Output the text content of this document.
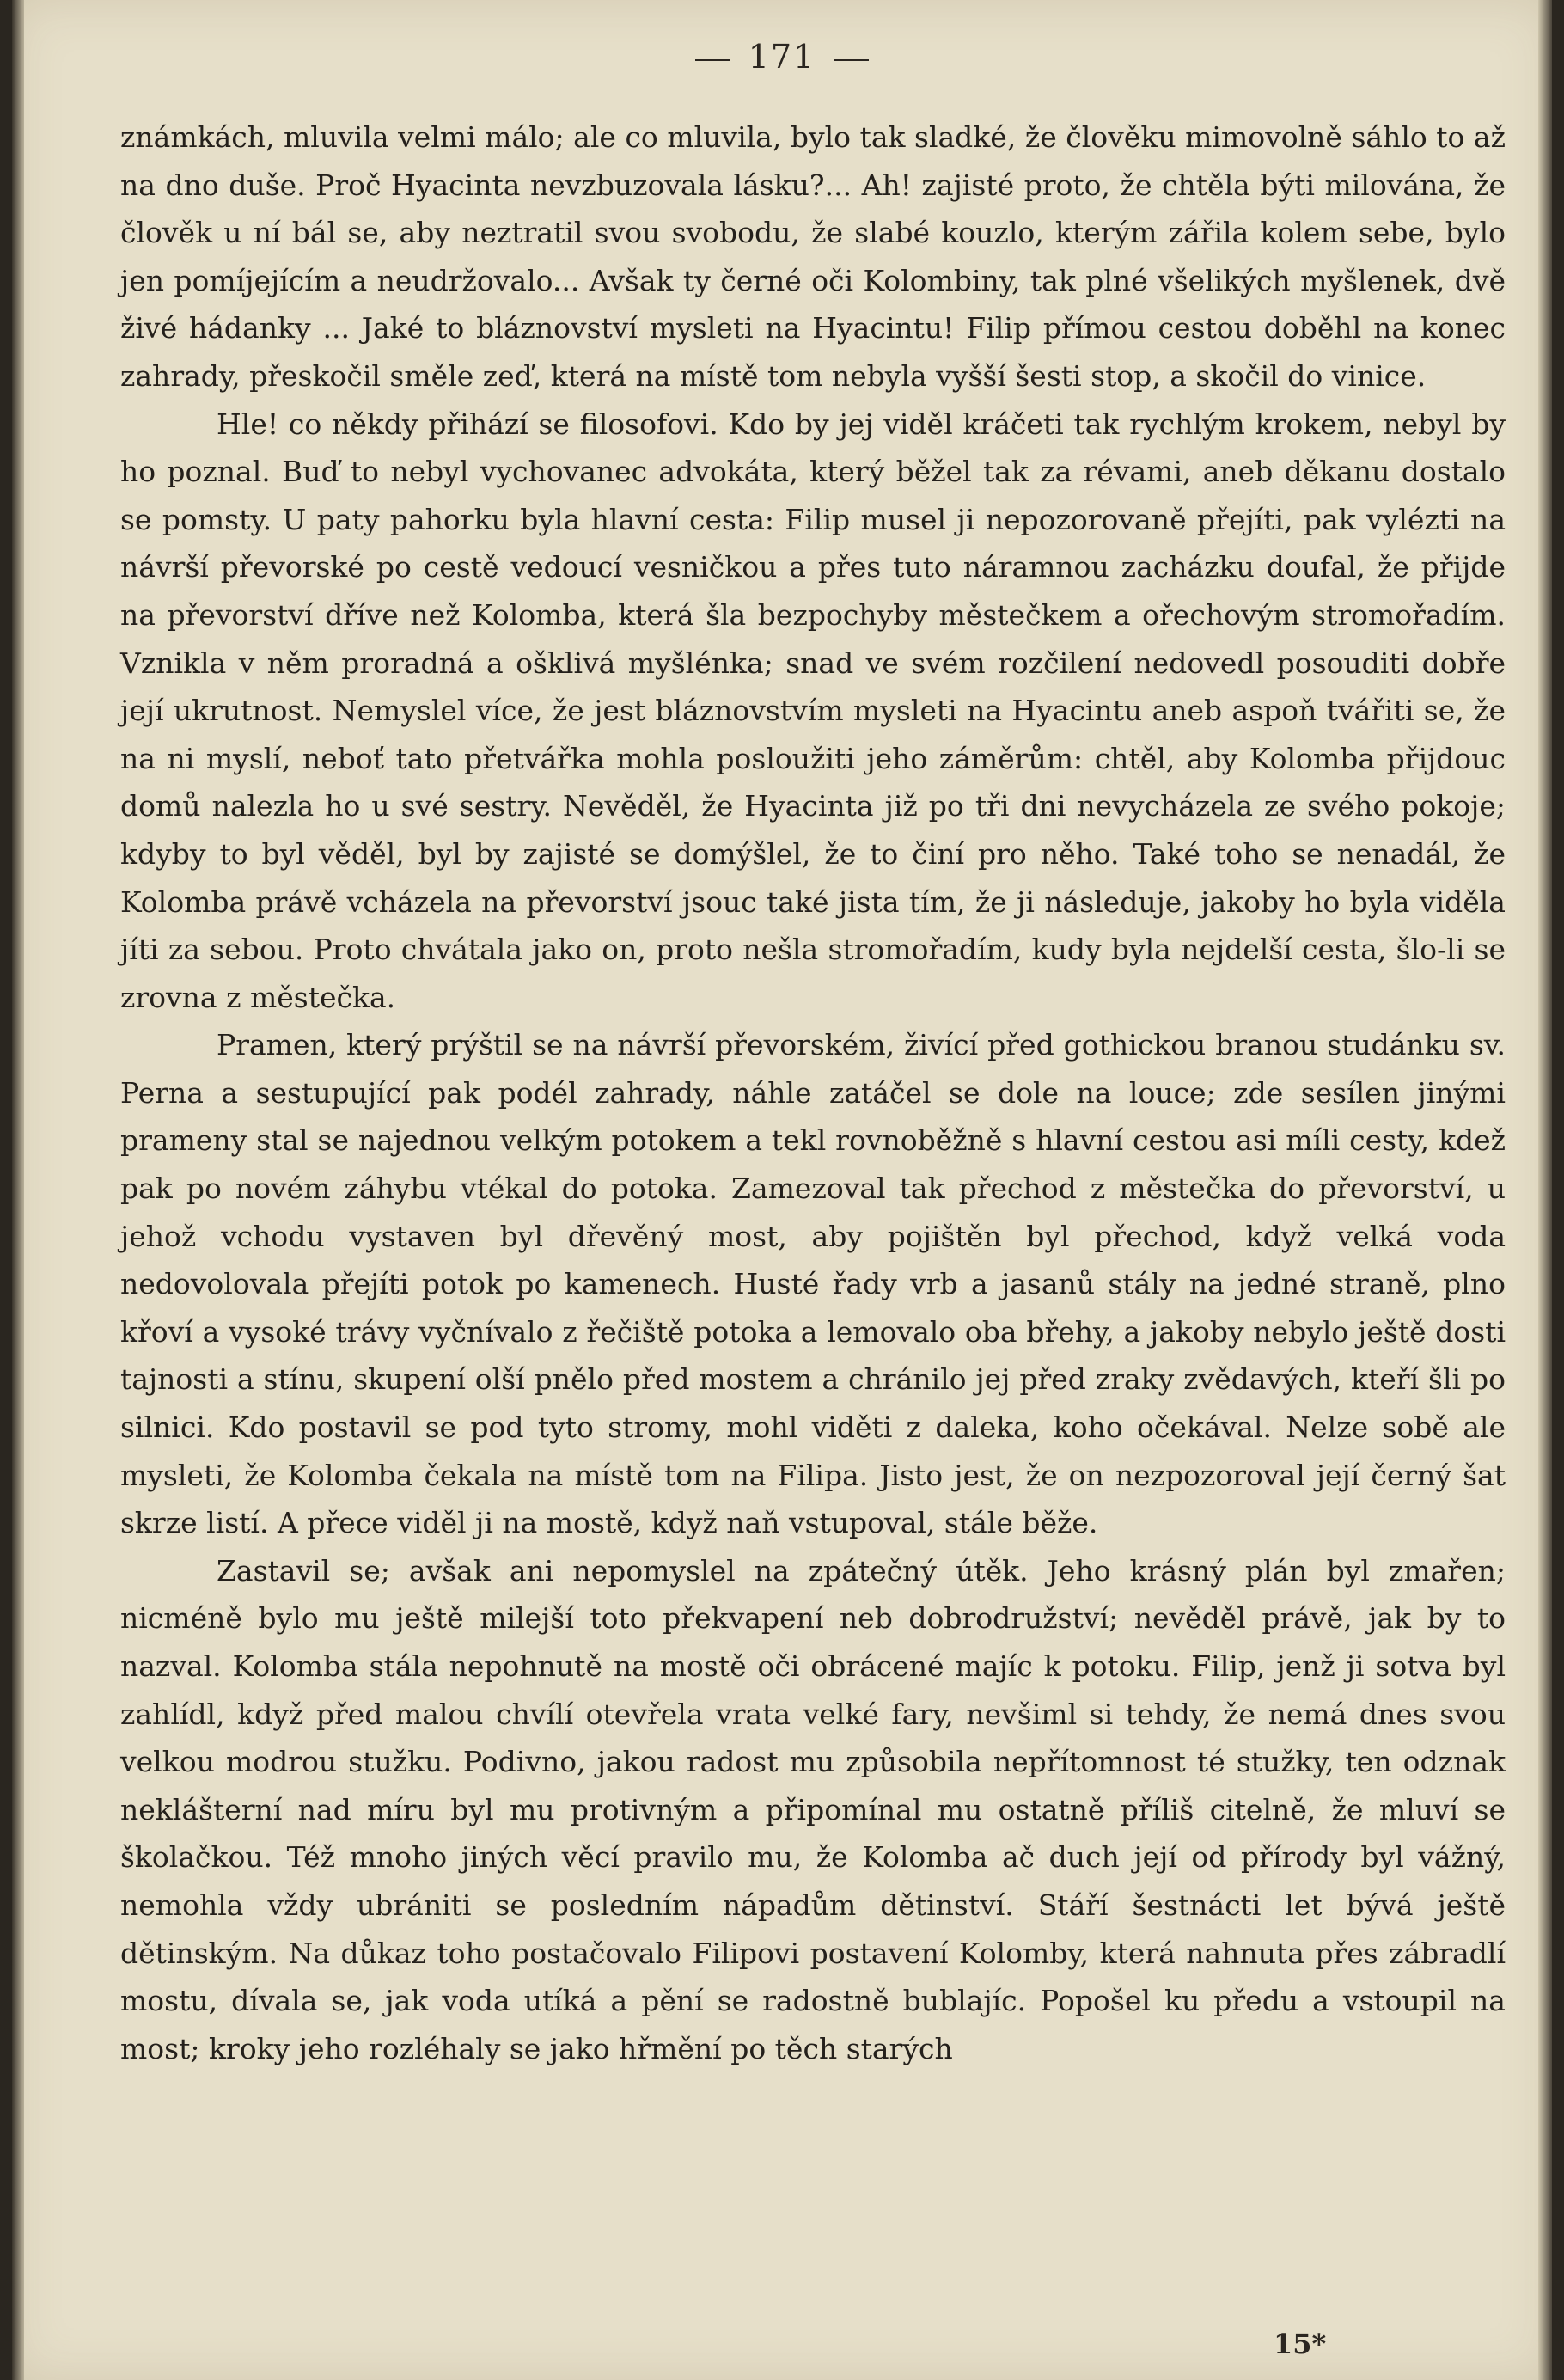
171

známkách, mluvila velmi málo; ale co mluvila, bylo tak sladké, že člověku mimovolně sáhlo to až na dno duše. Proč Hyacinta nevzbuzovala lásku?... Ah! zajisté proto, že chtěla býti milována, že člověk u ní bál se, aby neztratil svou svobodu, že slabé kouzlo, kterým zářila kolem sebe, bylo jen pomíjejícím a neudržovalo... Avšak ty černé oči Kolombiny, tak plné všelikých myšlenek, dvě živé hádanky ... Jaké to bláznovství mysleti na Hyacintu! Filip přímou cestou doběhl na konec zahrady, přeskočil směle zeď, která na místě tom nebyla vyšší šesti stop, a skočil do vinice.

Hle! co někdy přihází se filosofovi. Kdo by jej viděl kráčeti tak rychlým krokem, nebyl by ho poznal. Buď to nebyl vychovanec advokáta, který běžel tak za révami, aneb děkanu dostalo se pomsty. U paty pahorku byla hlavní cesta: Filip musel ji nepozorovaně přejíti, pak vylézti na návrší převorské po cestě vedoucí vesničkou a přes tuto náramnou zacházku doufal, že přijde na převorství dříve než Kolomba, která šla bezpochyby městečkem a ořechovým stromořadím. Vznikla v něm proradná a ošklivá myšlénka; snad ve svém rozčilení nedovedl posouditi dobře její ukrutnost. Nemyslel více, že jest bláznovstvím mysleti na Hyacintu aneb aspoň tvářiti se, že na ni myslí, neboť tato přetvářka mohla posloužiti jeho záměrům: chtěl, aby Kolomba přijdouc domů nalezla ho u své sestry. Nevěděl, že Hyacinta již po tři dni nevycházela ze svého pokoje; kdyby to byl věděl, byl by zajisté se domýšlel, že to činí pro něho. Také toho se nenadál, že Kolomba právě vcházela na převorství jsouc také jista tím, že ji následuje, jakoby ho byla viděla jíti za sebou. Proto chvátala jako on, proto nešla stromořadím, kudy byla nejdelší cesta, šlo-li se zrovna z městečka.

Pramen, který prýštil se na návrší převorském, živící před gothickou branou studánku sv. Perna a sestupující pak podél zahrady, náhle zatáčel se dole na louce; zde sesílen jinými prameny stal se najednou velkým potokem a tekl rovnoběžně s hlavní cestou asi míli cesty, kdež pak po novém záhybu vtékal do potoka. Zamezoval tak přechod z městečka do převorství, u jehož vchodu vystaven byl dřevěný most, aby pojištěn byl přechod, když velká voda nedovolovala přejíti potok po kamenech. Husté řady vrb a jasanů stály na jedné straně, plno křoví a vysoké trávy vyčnívalo z řečiště potoka a lemovalo oba břehy, a jakoby nebylo ještě dosti tajnosti a stínu, skupení olší pnělo před mostem a chránilo jej před zraky zvědavých, kteří šli po silnici. Kdo postavil se pod tyto stromy, mohl viděti z daleka, koho očekával. Nelze sobě ale mysleti, že Kolomba čekala na místě tom na Filipa. Jisto jest, že on nezpozoroval její černý šat skrze listí. A přece viděl ji na mostě, když naň vstupoval, stále běže.

Zastavil se; avšak ani nepomyslel na zpátečný útěk. Jeho krásný plán byl zmařen; nicméně bylo mu ještě milejší toto překvapení neb dobrodružství; nevěděl právě, jak by to nazval. Kolomba stála nepohnutě na mostě oči obrácené majíc k potoku. Filip, jenž ji sotva byl zahlídl, když před malou chvílí otevřela vrata velké fary, nevšiml si tehdy, že nemá dnes svou velkou modrou stužku. Podivno, jakou radost mu způsobila nepřítomnost té stužky, ten odznak neklášterní nad míru byl mu protivným a připomínal mu ostatně příliš citelně, že mluví se školačkou. Též mnoho jiných věcí pravilo mu, že Kolomba ač duch její od přírody byl vážný, nemohla vždy ubrániti se posledním nápadům dětinství. Stáří šestnácti let bývá ještě dětinským. Na důkaz toho postačovalo Filipovi postavení Kolomby, která nahnuta přes zábradlí mostu, dívala se, jak voda utíká a pění se radostně bublajíc. Popošel ku předu a vstoupil na most; kroky jeho rozléhaly se jako hřmění po těch starých

15*
